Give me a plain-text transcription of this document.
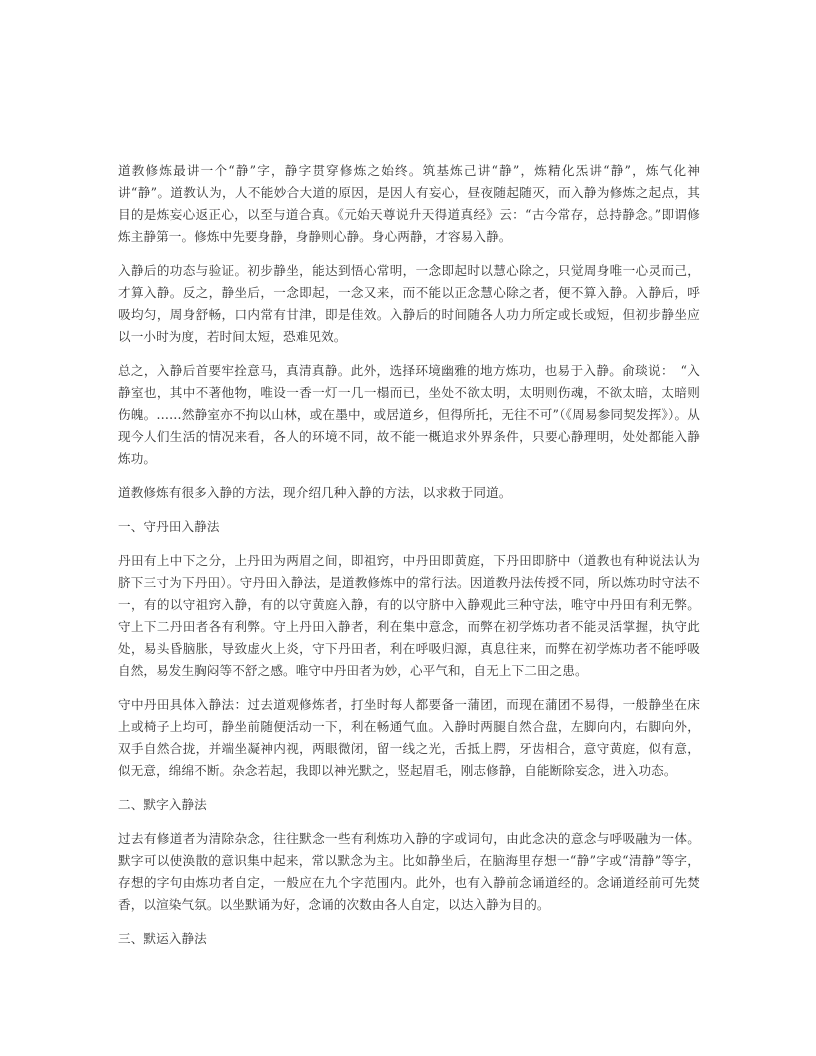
道教修炼最讲一个“静”字，静字贯穿修炼之始终。筑基炼己讲“静”，炼精化炁讲“静”，炼气化神讲“静”。道教认为，人不能妙合大道的原因，是因人有妄心，昼夜随起随灭，而入静为修炼之起点，其目的是炼妄心返正心，以至与道合真。《元始天尊说升天得道真经》云：“古今常存，总持静念。”即谓修炼主静第一。修炼中先要身静，身静则心静。身心两静，才容易入静。

入静后的功态与验证。初步静坐，能达到悟心常明，一念即起时以慧心除之，只觉周身唯一心灵而己，才算入静。反之，静坐后，一念即起，一念又来，而不能以正念慧心除之者，便不算入静。入静后，呼吸均匀，周身舒畅，口内常有甘津，即是佳效。入静后的时间随各人功力所定或长或短，但初步静坐应以一小时为度，若时间太短，恐难见效。

总之，入静后首要牢拴意马，真清真静。此外，选择环境幽雅的地方炼功，也易于入静。俞琰说：　“入静室也，其中不著他物，唯设一香一灯一几一榻而已，坐处不欲太明，太明则伤魂，不欲太暗，太暗则伤魄。……然静室亦不拘以山林，或在墨中，或居道乡，但得所托，无往不可”（《周易参同契发挥》）。从现今人们生活的情况来看，各人的环境不同，故不能一概追求外界条件，只要心静理明，处处都能入静炼功。

道教修炼有很多入静的方法，现介绍几种入静的方法，以求救于同道。

一、守丹田入静法

丹田有上中下之分，上丹田为两眉之间，即祖窍，中丹田即黄庭，下丹田即脐中（道教也有种说法认为脐下三寸为下丹田）。守丹田入静法，是道教修炼中的常行法。因道教丹法传授不同，所以炼功时守法不一，有的以守祖窍入静，有的以守黄庭入静，有的以守脐中入静观此三种守法，唯守中丹田有利无弊。守上下二丹田者各有利弊。守上丹田入静者，利在集中意念，而弊在初学炼功者不能灵活掌握，执守此处，易头昏脑胀，导致虚火上炎，守下丹田者，利在呼吸归源，真息往来，而弊在初学炼功者不能呼吸自然，易发生胸闷等不舒之感。唯守中丹田者为妙，心平气和，自无上下二田之患。

守中丹田具体入静法：过去道观修炼者，打坐时每人都要备一蒲团，而现在蒲团不易得，一般静坐在床上或椅子上均可，静坐前随便活动一下，利在畅通气血。入静时两腿自然合盘，左脚向内，右脚向外，双手自然合拢，并端坐凝神内视，两眼微闭，留一线之光，舌抵上腭，牙齿相合，意守黄庭，似有意，似无意，绵绵不断。杂念若起，我即以神光默之，竖起眉毛，刚志修静，自能断除妄念，进入功态。

二、默字入静法

过去有修道者为清除杂念，往往默念一些有利炼功入静的字或词句，由此念决的意念与呼吸融为一体。默字可以使涣散的意识集中起来，常以默念为主。比如静坐后，在脑海里存想一“静”字或“清静”等字，存想的字句由炼功者自定，一般应在九个字范围内。此外，也有入静前念诵道经的。念诵道经前可先焚香，以渲染气氛。以坐默诵为好，念诵的次数由各人自定，以达入静为目的。

三、默运入静法
